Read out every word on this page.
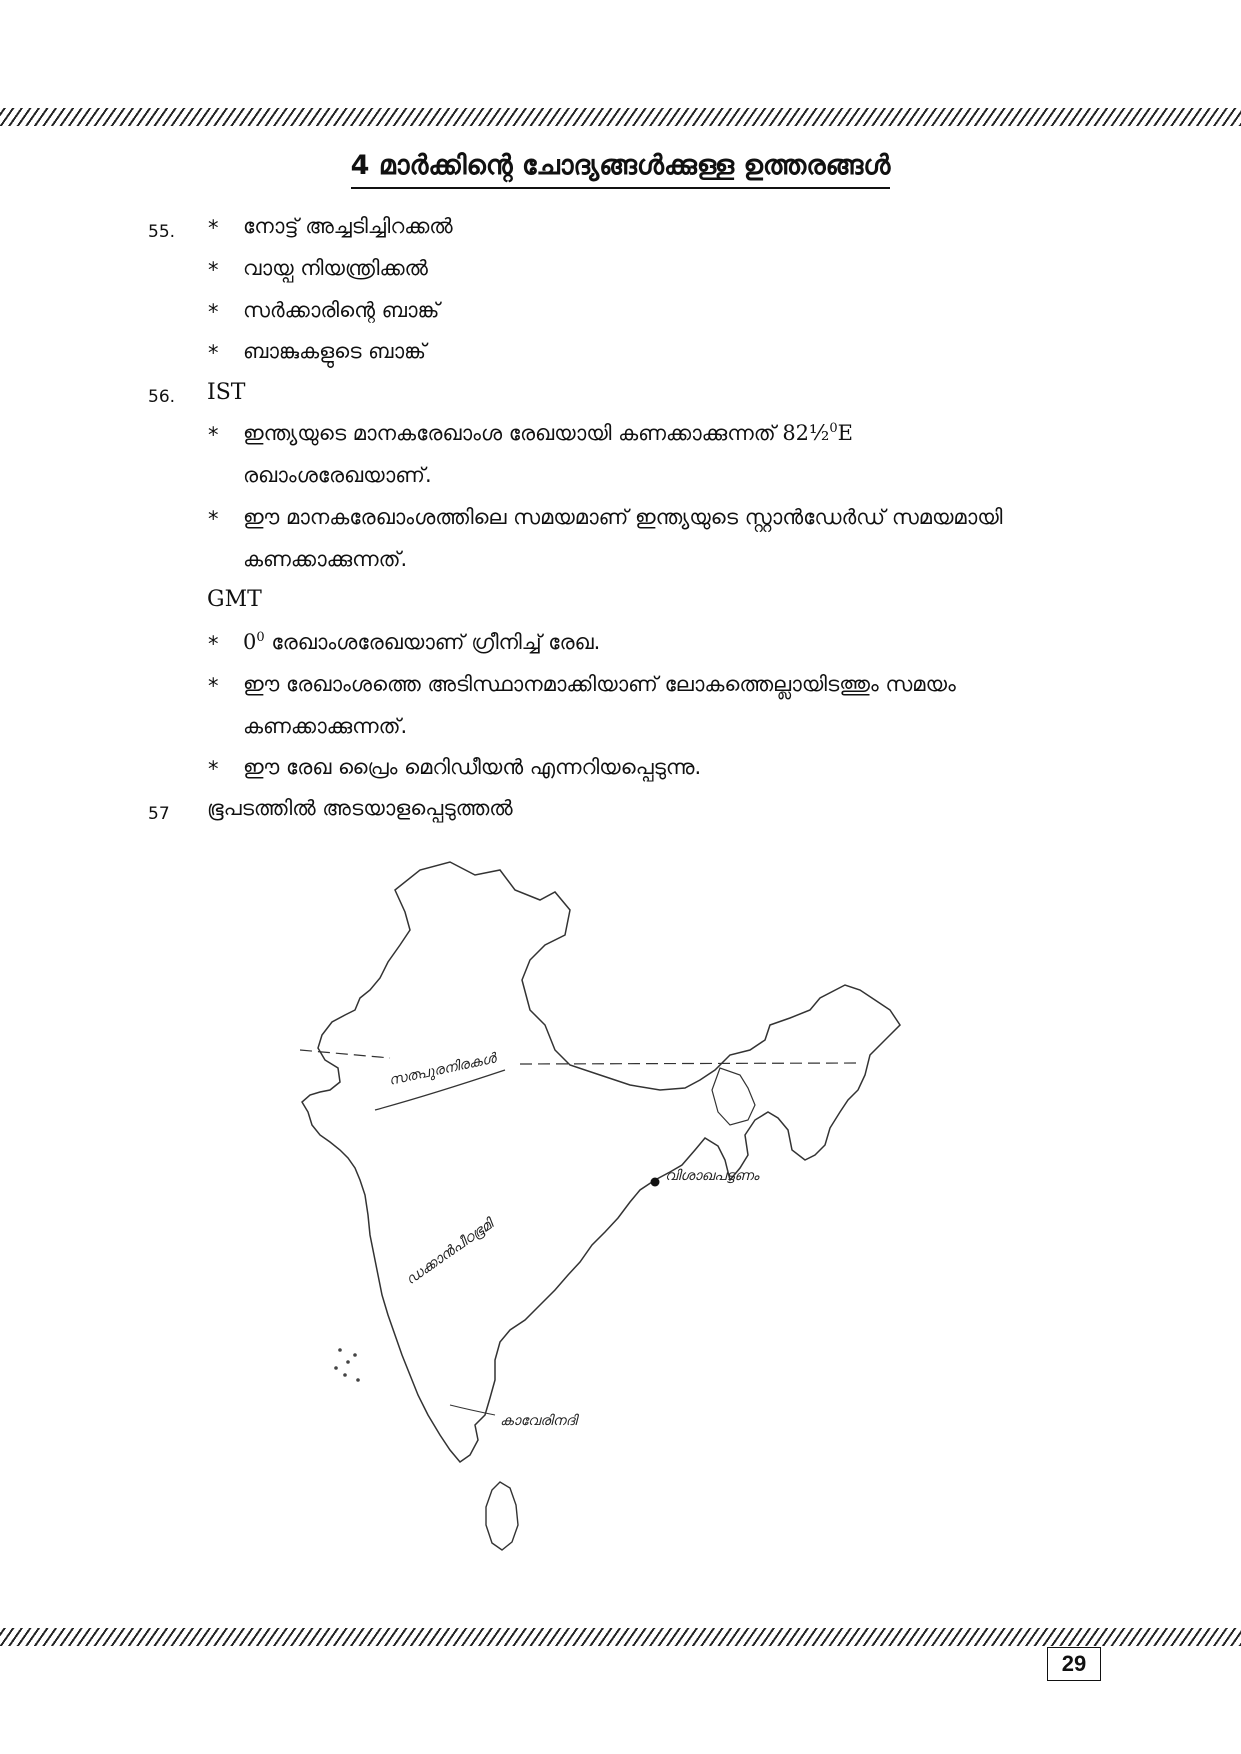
4 മാർക്കിന്റെ ചോദ്യങ്ങൾക്കുള്ള ഉത്തരങ്ങൾ
55. * നോട്ട് അച്ചടിച്ചിറക്കൽ
* വായ്പ നിയന്ത്രിക്കൽ
* സർക്കാരിന്റെ ബാങ്ക്
* ബാങ്കുകളുടെ ബാങ്ക്
56. IST
* ഇന്ത്യയുടെ മാനകരേഖാംശ രേഖയായി കണക്കാക്കുന്നത് 82½$^0$E
രഖാംശരേഖയാണ്.
* ഈ മാനകരേഖാംശത്തിലെ സമയമാണ് ഇന്ത്യയുടെ സ്റ്റാൻഡേർഡ് സമയമായി
കണക്കാക്കുന്നത്.
GMT
* $0^0$ രേഖാംശരേഖയാണ് ഗ്രീനിച്ച് രേഖ.
* ഈ രേഖാംശത്തെ അടിസ്ഥാനമാക്കിയാണ് ലോകത്തെല്ലായിടത്തും സമയം
കണക്കാക്കുന്നത്.
* ഈ രേഖ പ്രൈം മെറിഡീയൻ എന്നറിയപ്പെടുന്നു.
57 ഭൂപടത്തിൽ അടയാളപ്പെടുത്തൽ
സത്പുരനിരകൾ
ഡക്കാൻപീഠഭൂമി
വിശാഖപട്ടണം
കാവേരിനദി
29
